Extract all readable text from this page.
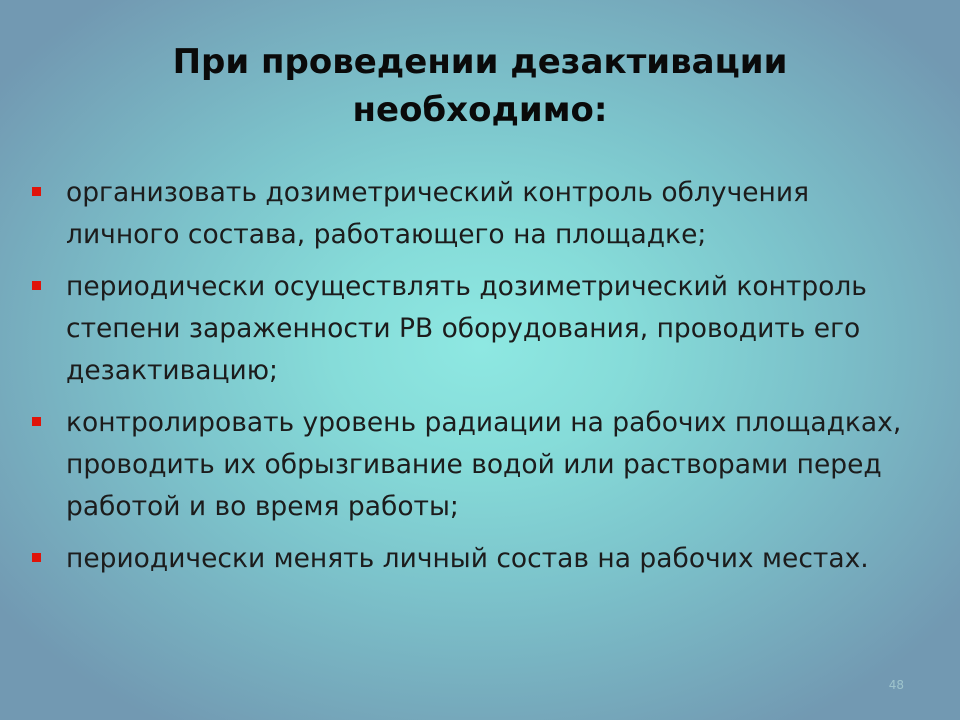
При проведении дезактивации необходимо:
организовать дозиметрический контроль облучения личного состава, работающего на площадке;
периодически осуществлять дозиметрический контроль степени зараженности РВ оборудования, проводить его дезактивацию;
контролировать уровень радиации на рабочих площадках, проводить их обрызгивание водой или растворами перед работой и во время работы;
периодически менять личный состав на рабочих местах.
48
